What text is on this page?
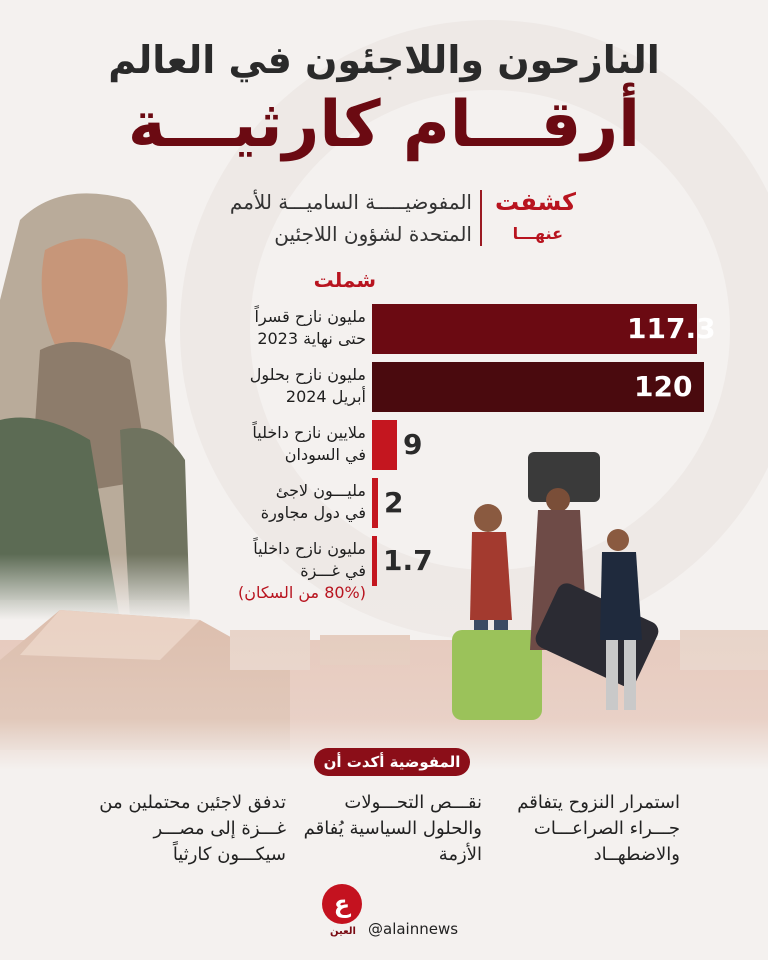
النازحون واللاجئون في العالم
أرقـــام كارثيـــة
كشفت
عنهـــا
المفوضيـــــة الساميـــة للأمم
المتحدة لشؤون اللاجئين
شملت
117.3
مليون نازح قسراً
حتى نهاية 2023
120
مليون نازح بحلول
أبريل 2024
9
ملايين نازح داخلياً
في السودان
2
مليـــون لاجئ
في دول مجاورة
1.7
مليون نازح داخلياً
في غـــزة
(80% من السكان)
المفوضية أكدت أن
استمرار النزوح يتفاقم جـــراء الصراعـــات والاضطهــاد
نقـــص التحـــولات والحلول السياسية يُفاقم الأزمة
تدفق لاجئين محتملين من غـــزة إلى مصـــر سيكـــون كارثياً
ع
العين @alainnews
